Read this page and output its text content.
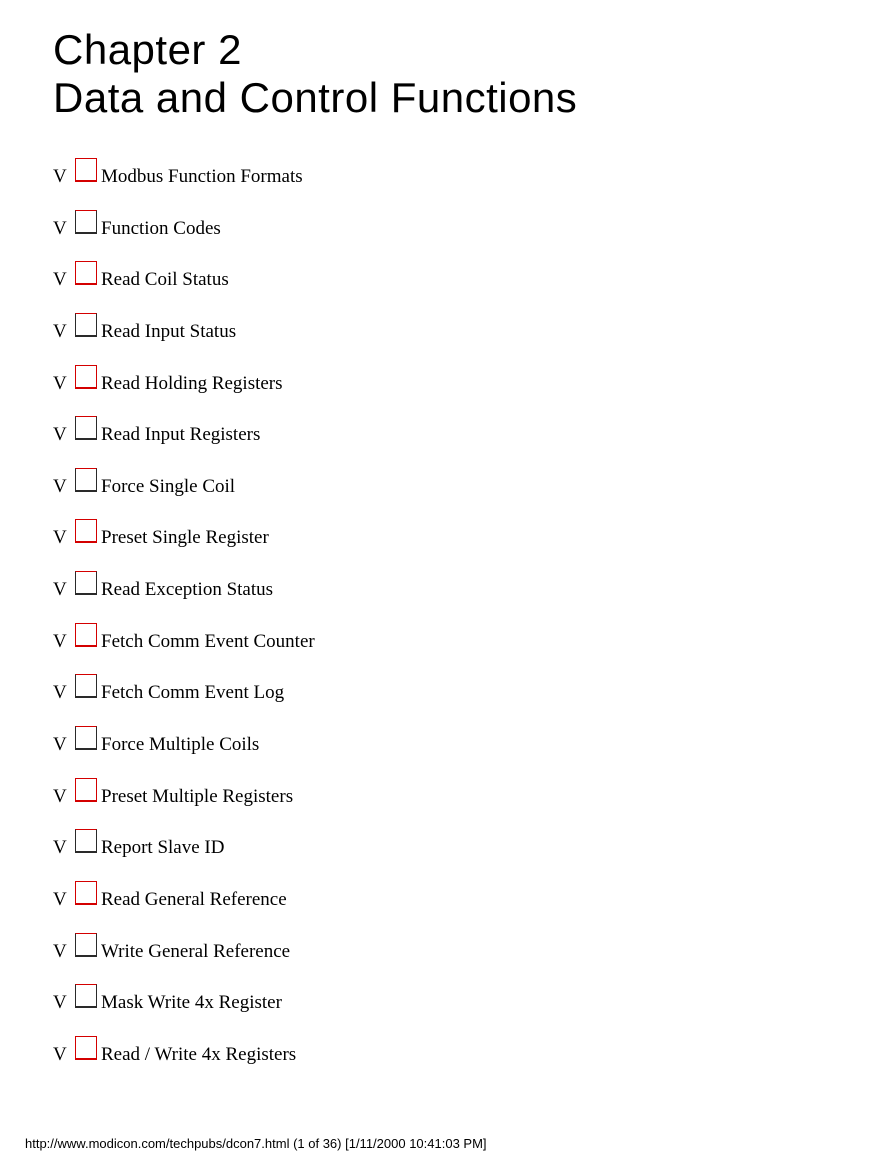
Chapter 2
Data and Control Functions
V	Modbus Function Formats
V	Function Codes
V	Read Coil Status
V	Read Input Status
V	Read Holding Registers
V	Read Input Registers
V	Force Single Coil
V	Preset Single Register
V	Read Exception Status
V	Fetch Comm Event Counter
V	Fetch Comm Event Log
V	Force Multiple Coils
V	Preset Multiple Registers
V	Report Slave ID
V	Read General Reference
V	Write General Reference
V	Mask Write 4x Register
V	Read / Write 4x Registers
http://www.modicon.com/techpubs/dcon7.html (1 of 36) [1/11/2000 10:41:03 PM]
